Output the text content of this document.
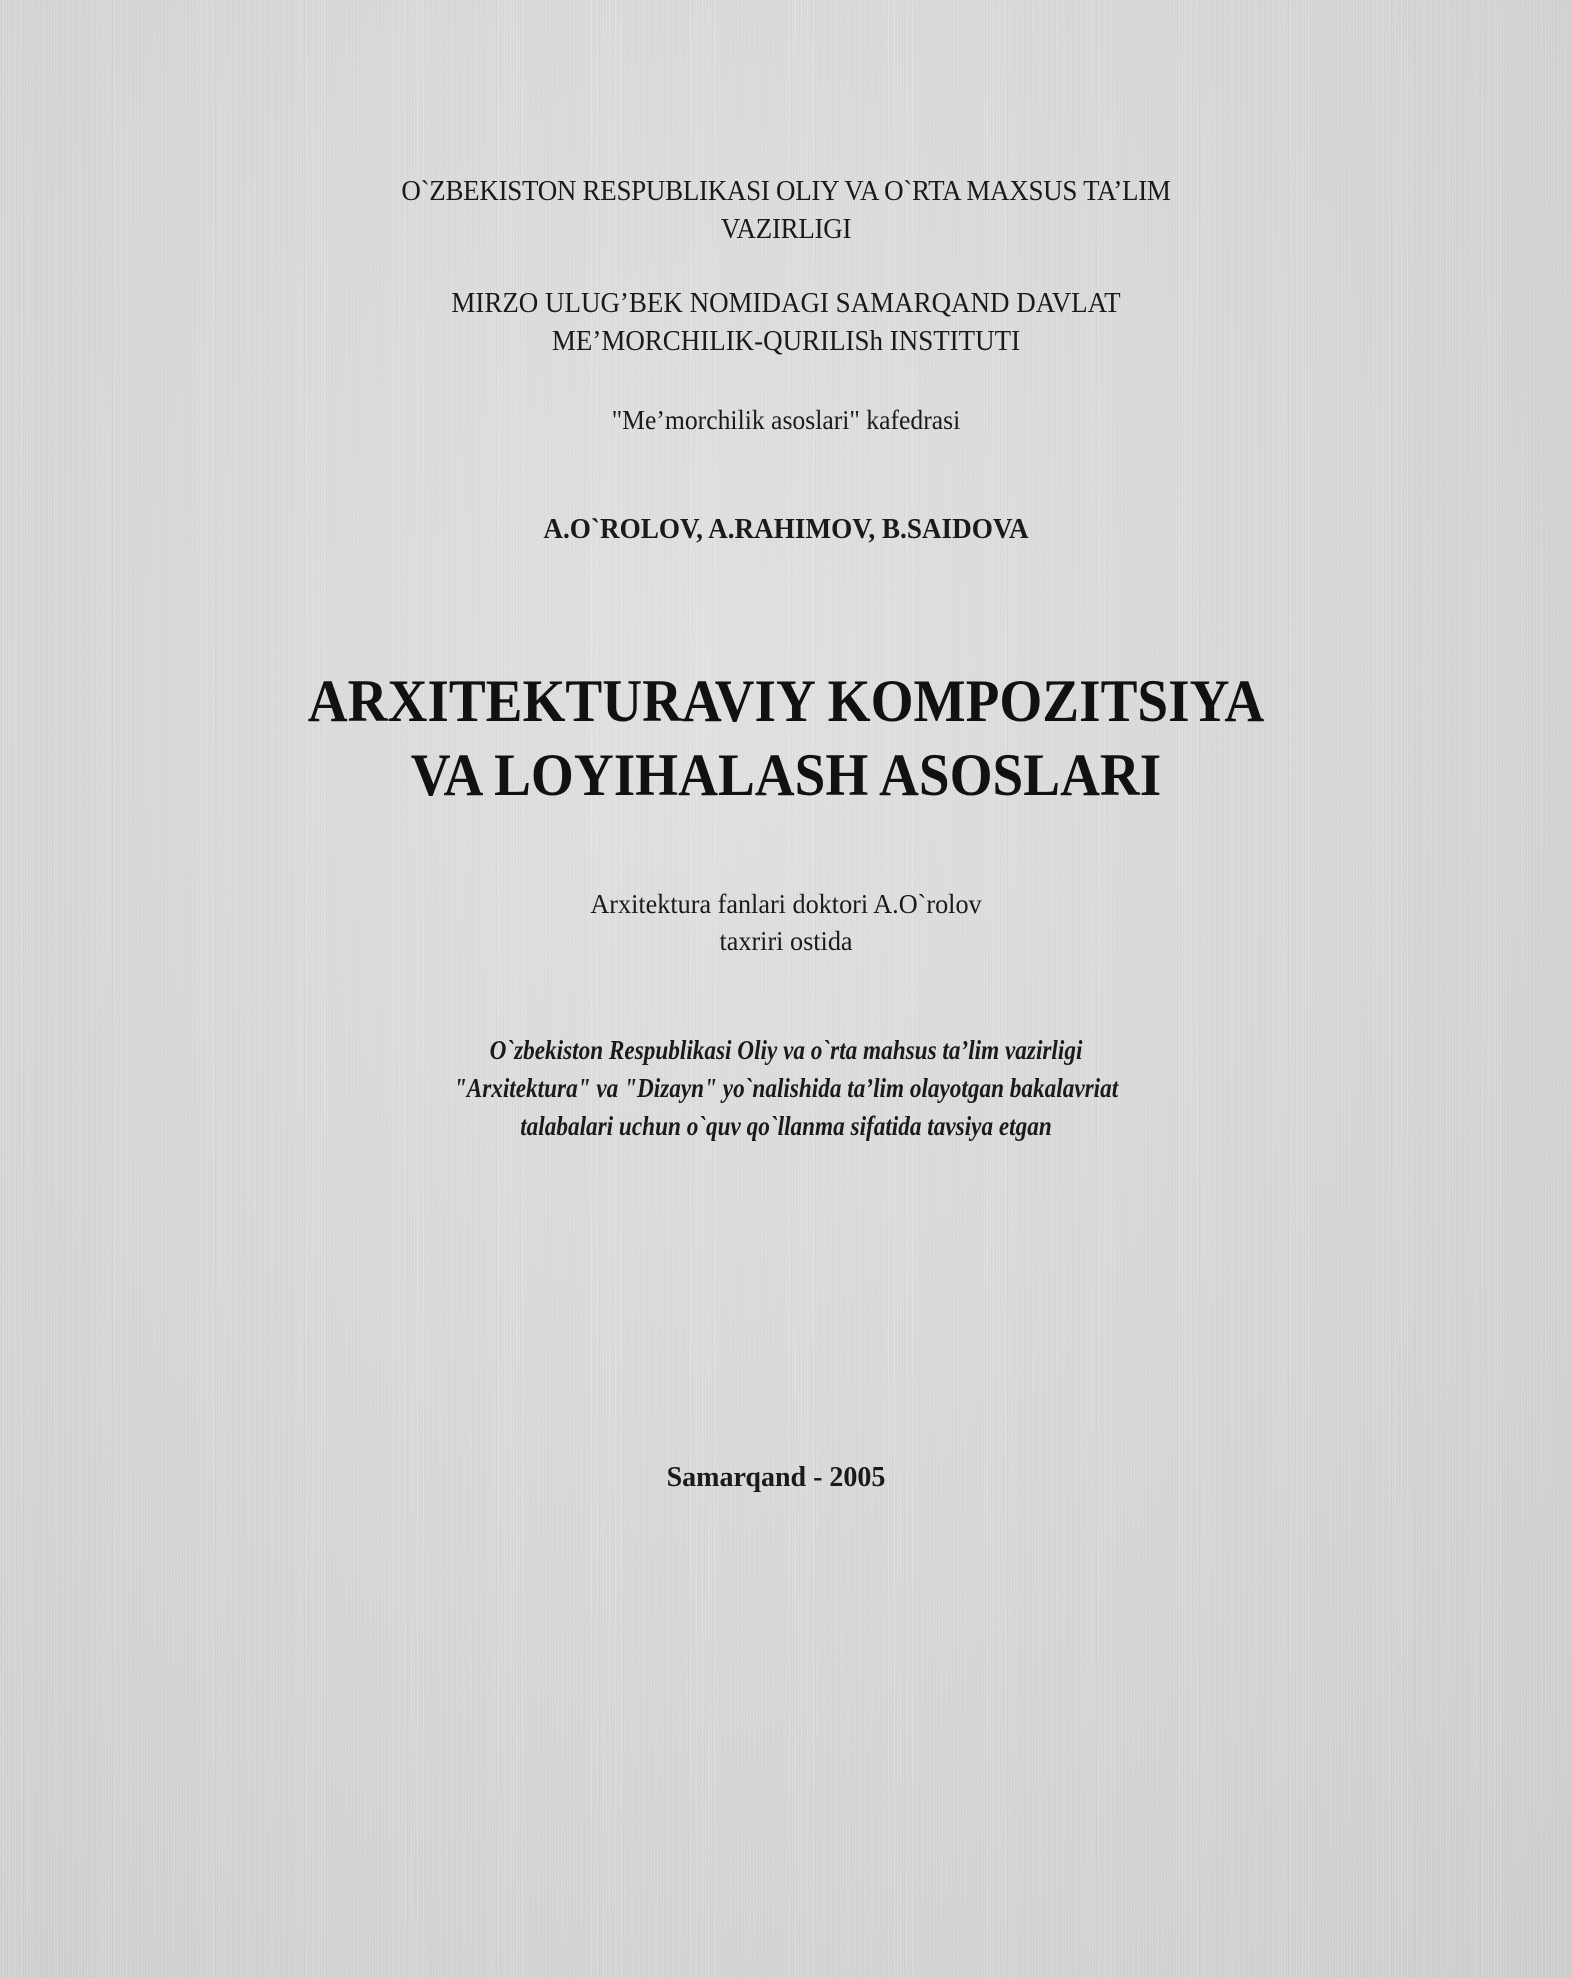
O`ZBEKISTON RESPUBLIKASI OLIY VA O`RTA MAXSUS TA’LIM
VAZIRLIGI
MIRZO ULUG’BEK NOMIDAGI SAMARQAND DAVLAT
ME’MORCHILIK-QURILISh INSTITUTI
"Me’morchilik asoslari" kafedrasi
A.O`ROLOV, A.RAHIMOV, B.SAIDOVA
ARXITEKTURAVIY KOMPOZITSIYA
VA LOYIHALASH ASOSLARI
Arxitektura fanlari doktori A.O`rolov
taxriri ostida
O`zbekiston Respublikasi Oliy va o`rta mahsus ta’lim vazirligi
"Arxitektura" va "Dizayn" yo`nalishida ta’lim olayotgan bakalavriat
talabalari uchun o`quv qo`llanma sifatida tavsiya etgan
Samarqand - 2005
